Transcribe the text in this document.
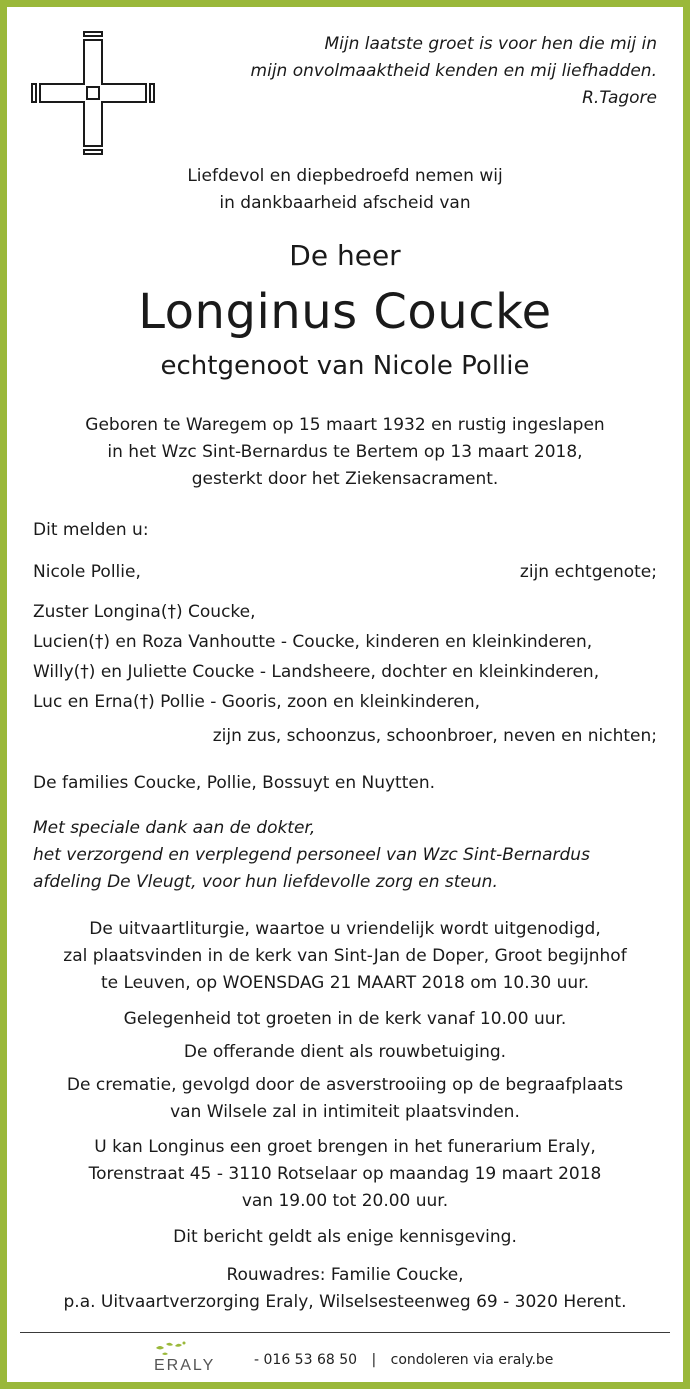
Mijn laatste groet is voor hen die mij in
mijn onvolmaaktheid kenden en mij liefhadden.
R.Tagore
Liefdevol en diepbedroefd nemen wij
in dankbaarheid afscheid van
De heer
Longinus Coucke
echtgenoot van Nicole Pollie
Geboren te Waregem op 15 maart 1932 en rustig ingeslapen
in het Wzc Sint-Bernardus te Bertem op 13 maart 2018,
gesterkt door het Ziekensacrament.
Dit melden u:
Nicole Pollie,	zijn echtgenote;
Zuster Longina(†) Coucke,
Lucien(†) en Roza Vanhoutte - Coucke, kinderen en kleinkinderen,
Willy(†) en Juliette Coucke - Landsheere, dochter en kleinkinderen,
Luc en Erna(†) Pollie - Gooris, zoon en kleinkinderen,
zijn zus, schoonzus, schoonbroer, neven en nichten;
De families Coucke, Pollie, Bossuyt en Nuytten.
Met speciale dank aan de dokter,
het verzorgend en verplegend personeel van Wzc Sint-Bernardus
afdeling De Vleugt, voor hun liefdevolle zorg en steun.
De uitvaartliturgie, waartoe u vriendelijk wordt uitgenodigd,
zal plaatsvinden in de kerk van Sint-Jan de Doper, Groot begijnhof
te Leuven, op WOENSDAG 21 MAART 2018 om 10.30 uur.
Gelegenheid tot groeten in de kerk vanaf 10.00 uur.
De offerande dient als rouwbetuiging.
De crematie, gevolgd door de asverstrooiing op de begraafplaats
van Wilsele zal in intimiteit plaatsvinden.
U kan Longinus een groet brengen in het funerarium Eraly,
Torenstraat 45 - 3110 Rotselaar op maandag 19 maart 2018
van 19.00 tot 20.00 uur.
Dit bericht geldt als enige kennisgeving.
Rouwadres: Familie Coucke,
p.a. Uitvaartverzorging Eraly, Wilselsesteenweg 69 - 3020 Herent.
ERALY	- 016 53 68 50 | condoleren via eraly.be
